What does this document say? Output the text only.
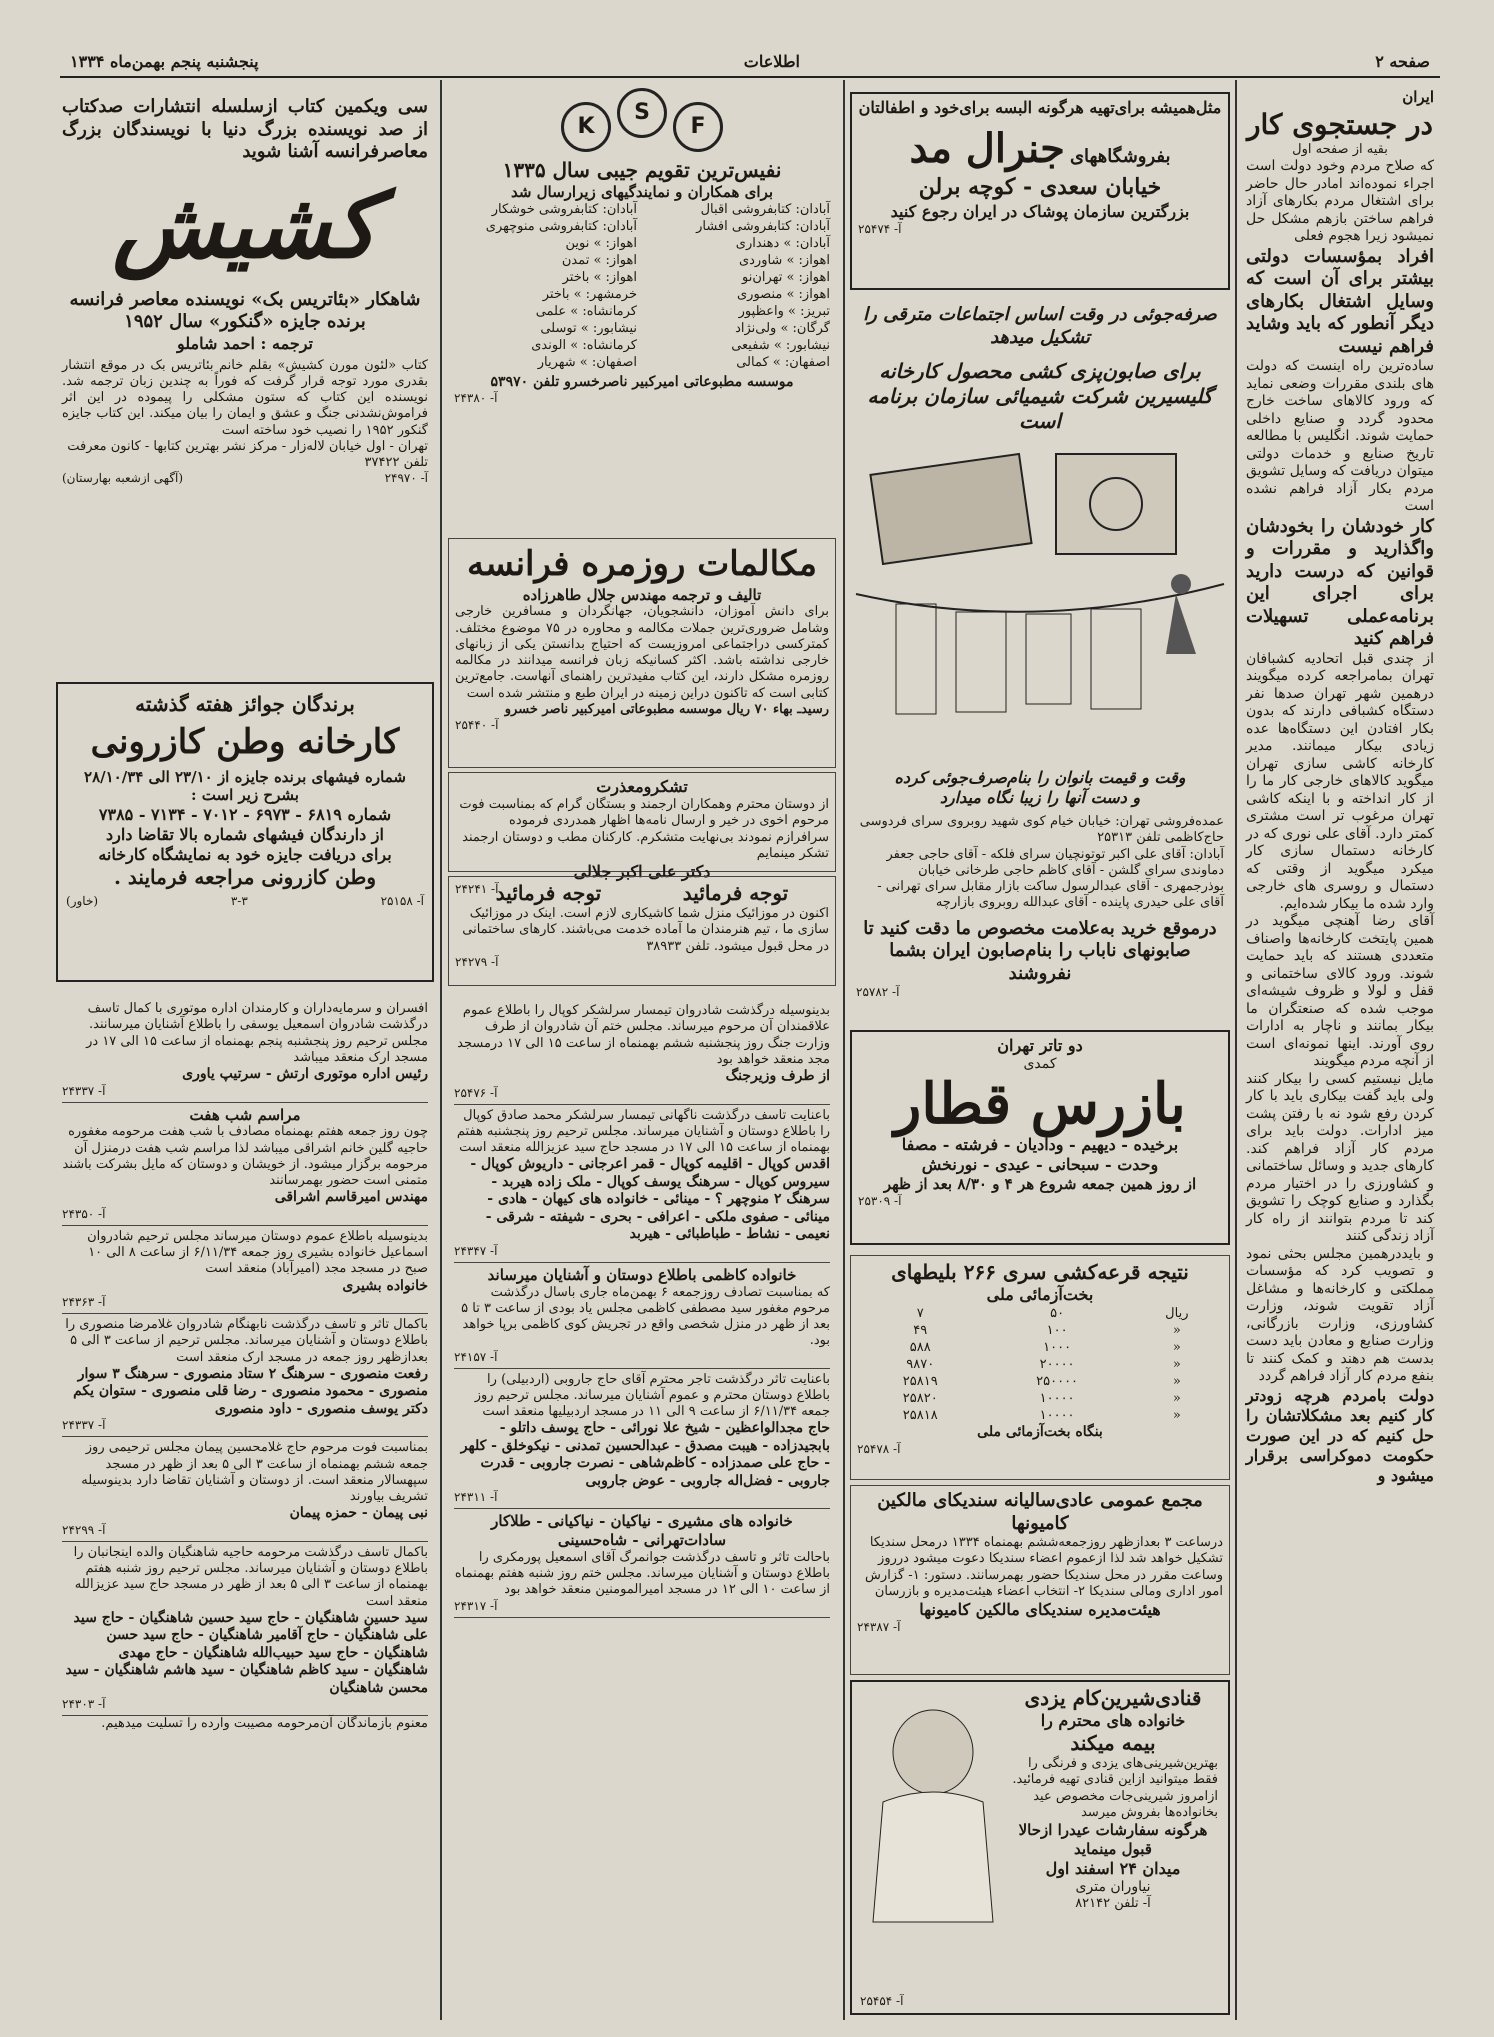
صفحه ۲
اطلاعات
پنجشنبه پنجم بهمن‌ماه ۱۳۳۴

ایران

در جستجوی کار

بقیه از صفحه اول

که صلاح مردم وخود دولت است اجراء نموده‌اند امادر حال حاضر برای اشتغال مردم بکارهای آزاد فراهم ساختن بازهم مشکل حل نمیشود زیرا هجوم فعلی

افراد بمؤسسات دولتی بیشتر برای آن است که وسایل اشتغال بکارهای دیگر آنطور که باید وشاید فراهم نیست

ساده‌ترین راه اینست که دولت های بلندی مقررات وضعی نماید که ورود کالاهای ساخت خارج محدود گردد و صنایع داخلی حمایت شوند. انگلیس با مطالعه تاریخ صنایع و خدمات دولتی میتوان دریافت که وسایل تشویق مردم بکار آزاد فراهم نشده است

کار خودشان را بخودشان واگذارید و مقررات و قوانین که درست دارید برای اجرای این برنامه‌عملی تسهیلات فراهم کنید

از چندی قبل اتحادیه کشبافان تهران بمامراجعه کرده میگویند درهمین شهر تهران صدها نفر دستگاه کشبافی دارند که بدون بکار افتادن این دستگاه‌ها عده زیادی بیکار میمانند. مدیر کارخانه کاشی سازی تهران میگوید کالاهای خارجی کار ما را از کار انداخته و با اینکه کاشی تهران مرغوب تر است مشتری کمتر دارد. آقای علی نوری که در کارخانه دستمال سازی کار میکرد میگوید از وقتی که دستمال و روسری های خارجی وارد شده ما بیکار شده‌ایم.

آقای رضا آهنچی میگوید در همین پایتخت کارخانه‌ها واصناف متعددی هستند که باید حمایت شوند. ورود کالای ساختمانی و قفل و لولا و ظروف شیشه‌ای موجب شده که صنعتگران ما بیکار بمانند و ناچار به ادارات روی آورند. اینها نمونه‌ای است از آنچه مردم میگویند

مایل نیستیم کسی را بیکار کنند ولی باید گفت بیکاری باید با کار کردن رفع شود نه با رفتن پشت میز ادارات. دولت باید برای مردم کار آزاد فراهم کند. کارهای جدید و وسائل ساختمانی و کشاورزی را در اختیار مردم بگذارد و صنایع کوچک را تشویق کند تا مردم بتوانند از راه کار آزاد زندگی کنند

و بایددرهمین مجلس بحثی نمود و تصویب کرد که مؤسسات مملکتی و کارخانه‌ها و مشاغل آزاد تقویت شوند، وزارت کشاورزی، وزارت بازرگانی، وزارت صنایع و معادن باید دست بدست هم دهند و کمک کنند تا بنفع مردم کار آزاد فراهم گردد

دولت بامردم هرچه زودتر کار کنیم بعد مشکلاتشان را حل کنیم که در این صورت حکومت دموکراسی برقرار میشود و

مثل‌همیشه برای‌تهیه هرگونه البسه برای‌خود و اطفالتان

بفروشگاههای جنرال مد

خیابان سعدی - کوچه برلن

بزرگترین سازمان پوشاک در ایران رجوع کنید

آ- ۲۵۴۷۴

صرفه‌جوئی در وقت اساس اجتماعات مترقی را تشکیل میدهد

برای صابون‌پزی کشی محصول کارخانه

گلیسیرین شرکت شیمیائی سازمان برنامه است

وقت و قیمت بانوان را بنام‌صرف‌جوئی کرده

و دست آنها را زیبا نگاه میدارد

عمده‌فروشی تهران: خیابان خیام کوی شهید روبروی سرای فردوسی حاج‌کاظمی تلفن ۲۵۳۱۳

آبادان: آقای علی اکبر توتونچیان سرای فلکه - آقای حاجی جعفر دماوندی سرای گلشن - آقای کاظم حاجی طرخانی خیابان بوذرجمهری - آقای عبدالرسول ساکت بازار مقابل سرای تهرانی - آقای علی حیدری پاینده - آقای عبدالله روبروی بازارچه

درموقع خرید به‌علامت مخصوص ما دقت کنید تا

صابونهای ناباب را بنام‌صابون ایران بشما نفروشند

آ- ۲۵۷۸۲

دو تاتر تهران

کمدی

بازرس قطار

برخیده - دیهیم - وداديان - فرشته - مصفا

وحدت - سبحانی - عیدی - نورنخش

از روز همین جمعه شروع هر ۴ و ۸/۳۰ بعد از ظهر

آ- ۲۵۳۰۹

نتیجه قرعه‌کشی سری ۲۶۶ بلیطهای

بخت‌آزمائی ملی

۷	۵۰	ریال
۴۹	۱۰۰	»
۵۸۸	۱۰۰۰	»
۹۸۷۰	۲۰۰۰۰	»
۲۵۸۱۹	۲۵۰۰۰۰	»
۲۵۸۲۰	۱۰۰۰۰	»
۲۵۸۱۸	۱۰۰۰۰	»

بنگاه بخت‌آزمائی ملی

آ- ۲۵۴۷۸

مجمع عمومی عادی‌سالیانه سندیکای مالکین کامیونها

درساعت ۳ بعدازظهر روزجمعه‌ششم بهمنماه ۱۳۳۴ درمحل سندیکا تشکیل خواهد شد لذا ازعموم اعضاء سندیکا دعوت میشود درروز وساعت مقرر در محل سندیکا حضور بهمرسانند. دستور: ۱- گزارش امور اداری ومالی سندیکا ۲- انتخاب اعضاء هیئت‌مدیره و بازرسان

هیئت‌مدیره سندیکای مالکین کامیونها

آ- ۲۴۳۸۷

قنادی‌شیرین‌کام یزدی

خانواده های محترم را

بیمه میکند

بهترین‌شیرینی‌های یزدی و فرنگی را فقط میتوانید ازاین قنادی تهیه فرمائید. ازامروز شیرینی‌جات مخصوص عید بخانواده‌ها بفروش میرسد

هرگونه سفارشات عیدرا ازحالا

قبول مینماید

میدان ۲۴ اسفند اول

نیاوران متری

آ- تلفن ۸۲۱۴۲

آ- ۲۵۴۵۴

K
S
F

نفیس‌ترین تقویم جیبی سال ۱۳۳۵

برای همکاران و نمایندگیهای زیرارسال شد

آبادان: کتابفروشی اقبال
آبادان: کتابفروشی خوشکار
آبادان: کتابفروشی افشار
آبادان: کتابفروشی منوچهری
آبادان: » دهنداری
اهواز: » نوین
اهواز: » شاوردی
اهواز: » تمدن
اهواز: » تهران‌نو
اهواز: » باختر
اهواز: » منصوری
خرمشهر: » باختر
تبریز: » واعظپور
کرمانشاه: » علمی
گرگان: » ولی‌نژاد
نیشابور: » توسلی
نیشابور: » شفیعی
کرمانشاه: » الوندی
اصفهان: » کمالی
اصفهان: » شهریار

موسسه مطبوعاتی امیرکبیر ناصرخسرو تلفن ۵۳۹۷۰

آ- ۲۴۳۸۰

مکالمات روزمره فرانسه

تالیف و ترجمه مهندس جلال طاهرزاده

برای دانش آموزان، دانشجویان، جهانگردان و مسافرین خارجی وشامل ضروری‌ترین جملات مکالمه و محاوره در ۷۵ موضوع مختلف. کمترکسی دراجتماعی امروزیست که احتیاج بدانستن یکی از زبانهای خارجی نداشته باشد. اکثر کسانیکه زبان فرانسه میدانند در مکالمه روزمره مشکل دارند، این کتاب مفیدترین راهنمای آنهاست. جامع‌ترین کتابی است که تاکنون دراین زمینه در ایران طبع و منتشر شده است

رسیدـ بهاء ۷۰ ریال موسسه مطبوعاتی امیرکبیر ناصر خسرو

آ- ۲۵۴۴۰

تشکرومعذرت

از دوستان محترم وهمکاران ارجمند و بستگان گرام که بمناسبت فوت مرحوم اخوی در خیر و ارسال نامه‌ها اظهار همدردی فرموده سرافرازم نمودند بی‌نهایت متشکرم. کارکنان مطب و دوستان ارجمند تشکر مینمایم

دکتر علی اکبر جلالی

آ- ۲۴۲۴۱	توجه فرمائید
توجه فرمائید

اکنون در موزائیک منزل شما کاشیکاری لازم است. اینک در موزائیک سازی ما ، تیم هنرمندان ما آماده خدمت می‌باشند. کارهای ساختمانی در محل قبول میشود. تلفن ۳۸۹۳۳

آ- ۲۴۲۷۹

بدینوسیله درگذشت شادروان تیمسار سرلشکر کوپال را باطلاع عموم علاقمندان آن مرحوم میرساند. مجلس ختم آن شادروان از طرف وزارت جنگ روز پنجشنبه ششم بهمنماه از ساعت ۱۵ الی ۱۷ درمسجد مجد منعقد خواهد بود

از طرف وزیرجنگ

آ- ۲۵۴۷۶

باعنایت تاسف درگذشت ناگهانی تیمسار سرلشکر محمد صادق کوپال را باطلاع دوستان و آشنایان میرساند. مجلس ترحیم روز پنجشنبه هفتم بهمنماه از ساعت ۱۵ الی ۱۷ در مسجد حاج سید عزیزالله منعقد است

اقدس کوپال - اقلیمه کوپال - قمر اعرجانی - داریوش کوپال - سیروس کوپال - سرهنگ یوسف کوپال - ملک زاده هیربد - سرهنگ ۲ منوچهر ؟ - مینائی - خانواده های کیهان - هادی - مینائی - صفوی ملکی - اعرافی - بحری - شیفته - شرقی - نعیمی - نشاط - طباطبائی - هیربد

آ- ۲۴۳۴۷

خانواده کاظمی باطلاع دوستان و آشنایان میرساند

که بمناسبت تصادف روزجمعه ۶ بهمن‌ماه جاری باسال درگذشت مرحوم مغفور سید مصطفی کاظمی مجلس یاد بودی از ساعت ۳ تا ۵ بعد از ظهر در منزل شخصی واقع در تجریش کوی کاظمی برپا خواهد بود.

آ- ۲۴۱۵۷

باعنایت تاثر درگذشت تاجر محترم آقای حاج جاروبی (اردبیلی) را باطلاع دوستان محترم و عموم آشنایان میرساند. مجلس ترحیم روز جمعه ۶/۱۱/۳۴ از ساعت ۹ الی ۱۱ در مسجد اردبیلیها منعقد است

حاج مجدالواعظین - شیخ علا نورائی - حاج یوسف داتلو - بابجیدزاده - هیبت مصدق - عبدالحسین تمدنی - نیکوخلق - کلهر - حاج علی صمدزاده - کاظم‌شاهی - نصرت جاروبی - قدرت جاروبی - فضل‌اله جاروبی - عوض جاروبی

آ- ۲۴۳۱۱

خانواده های مشیری - نیاکیان - نیاکیانی - طلاکار سادات‌تهرانی - شاه‌حسینی

باحالت تاثر و تاسف درگذشت جوانمرگ آقای اسمعیل پورمکری را باطلاع دوستان و آشنایان میرساند. مجلس ختم روز شنبه هفتم بهمنماه از ساعت ۱۰ الی ۱۲ در مسجد امیرالمومنین منعقد خواهد بود

آ- ۲۴۳۱۷

سی ویکمین کتاب ازسلسله انتشارات صدکتاب از صد نویسنده بزرگ دنیا با نویسندگان بزرگ معاصرفرانسه آشنا شوید

کشیش

شاهکار «بئاتریس بک» نویسنده معاصر فرانسه

برنده جایزه «گنکور» سال ۱۹۵۲

ترجمه : احمد شاملو

کتاب «لئون مورن کشیش» بقلم خانم بئاتریس بک در موقع انتشار بقدری مورد توجه قرار گرفت که فوراً به چندین زبان ترجمه شد. نویسنده این کتاب که ستون مشکلی را پیموده در این اثر فراموش‌نشدنی جنگ و عشق و ایمان را بیان میکند. این کتاب جایزه گنکور ۱۹۵۲ را نصیب خود ساخته است

تهران - اول خیابان لاله‌زار - مرکز نشر بهترین کتابها - کانون معرفت تلفن ۳۷۴۲۲

آ- ۲۴۹۷۰
(آگهی ازشعبه بهارستان)

برندگان جوائز هفته گذشته

کارخانه وطن کازرونی

شماره فیشهای برنده جایزه از ۲۳/۱۰ الی ۲۸/۱۰/۳۴

بشرح زیر است :

شماره ۶۸۱۹ - ۶۹۷۳ - ۷۰۱۲ - ۷۱۳۴ - ۷۳۸۵

از دارندگان فیشهای شماره بالا تقاضا دارد

برای دریافت جایزه خود به نمایشگاه کارخانه

وطن کازرونی مراجعه فرمایند .

آ- ۲۵۱۵۸
۳-۳
(خاور)

افسران و سرمایه‌داران و کارمندان اداره موتوری با کمال تاسف درگذشت شادروان اسمعیل یوسفی را باطلاع آشنایان میرسانند. مجلس ترحیم روز پنجشنبه پنجم بهمنماه از ساعت ۱۵ الی ۱۷ در مسجد ارک منعقد میباشد

رئیس اداره موتوری ارتش - سرتیپ یاوری

آ- ۲۴۳۳۷

مراسم شب هفت

چون روز جمعه هفتم بهمنماه مصادف با شب هفت مرحومه مغفوره حاجیه گلین خانم اشراقی میباشد لذا مراسم شب هفت درمنزل آن مرحومه برگزار میشود. از خویشان و دوستان که مایل بشرکت باشند متمنی است حضور بهمرسانند

مهندس امیرقاسم اشراقی

آ- ۲۴۳۵۰

بدینوسیله باطلاع عموم دوستان میرساند مجلس ترحیم شادروان اسماعیل خانواده بشیری روز جمعه ۶/۱۱/۳۴ از ساعت ۸ الی ۱۰ صبح در مسجد مجد (امیرآباد) منعقد است

خانواده بشیری

آ- ۲۴۳۶۳

باکمال تاثر و تاسف درگذشت نابهنگام شادروان غلامرضا منصوری را باطلاع دوستان و آشنایان میرساند. مجلس ترحیم از ساعت ۳ الی ۵ بعدازظهر روز جمعه در مسجد ارک منعقد است

رفعت منصوری - سرهنگ ۲ ستاد منصوری - سرهنگ ۳ سوار منصوری - محمود منصوری - رضا قلی منصوری - ستوان یکم دکتر یوسف منصوری - داود منصوری

آ- ۲۴۳۳۷

بمناسبت فوت مرحوم حاج غلامحسین پیمان مجلس ترحیمی روز جمعه ششم بهمنماه از ساعت ۳ الی ۵ بعد از ظهر در مسجد سپهسالار منعقد است. از دوستان و آشنایان تقاضا دارد بدینوسیله تشریف بیاورند

نبی پیمان - حمزه پیمان

آ- ۲۴۲۹۹

باکمال تاسف درگذشت مرحومه حاجیه شاهنگیان والده اینجانبان را باطلاع دوستان و آشنایان میرساند. مجلس ترحیم روز شنبه هفتم بهمنماه از ساعت ۳ الی ۵ بعد از ظهر در مسجد حاج سید عزیزالله منعقد است

سید حسین شاهنگیان - حاج سید حسین شاهنگیان - حاج سید علی شاهنگیان - حاج آقامیر شاهنگیان - حاج سید حسن شاهنگیان - حاج سید حبیب‌الله شاهنگیان - حاج مهدی شاهنگیان - سید کاظم شاهنگیان - سید هاشم شاهنگیان - سید محسن شاهنگیان

آ- ۲۴۳۰۳

معنوم بازماندگان آن‌مرحومه مصیبت وارده را تسلیت میدهیم.
